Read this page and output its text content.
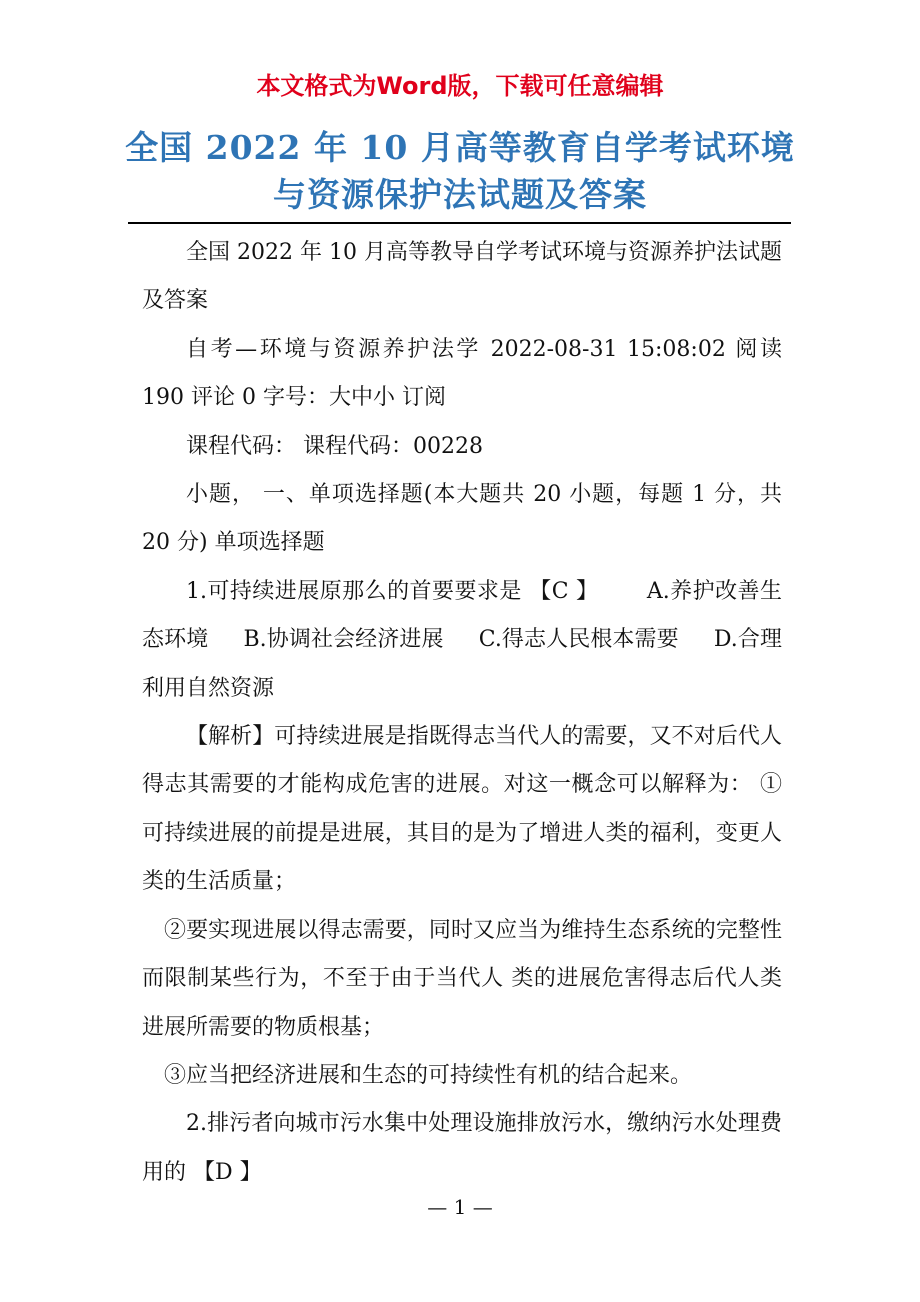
本文格式为Word版，下载可任意编辑
全国 2022 年 10 月高等教育自学考试环境
与资源保护法试题及答案

全国 2022 年 10 月高等教导自学考试环境与资源养护法试题及答案

自考—环境与资源养护法学 2022-08-31 15:08:02 阅读 190 评论 0 字号：大中小 订阅

课程代码： 课程代码：00228

小题， 一、单项选择题(本大题共 20 小题，每题 1 分，共 20 分) 单项选择题

1.可持续进展原那么的首要要求是 【C 】 A.养护改善生态环境 B.协调社会经济进展 C.得志人民根本需要 D.合理利用自然资源

【解析】可持续进展是指既得志当代人的需要，又不对后代人得志其需要的才能构成危害的进展。对这一概念可以解释为： ①可持续进展的前提是进展，其目的是为了增进人类的福利，变更人类的生活质量；

②要实现进展以得志需要，同时又应当为维持生态系统的完整性而限制某些行为，不至于由于当代人 类的进展危害得志后代人类进展所需要的物质根基；

③应当把经济进展和生态的可持续性有机的结合起来。

2.排污者向城市污水集中处理设施排放污水，缴纳污水处理费用的 【D 】

— 1 —
